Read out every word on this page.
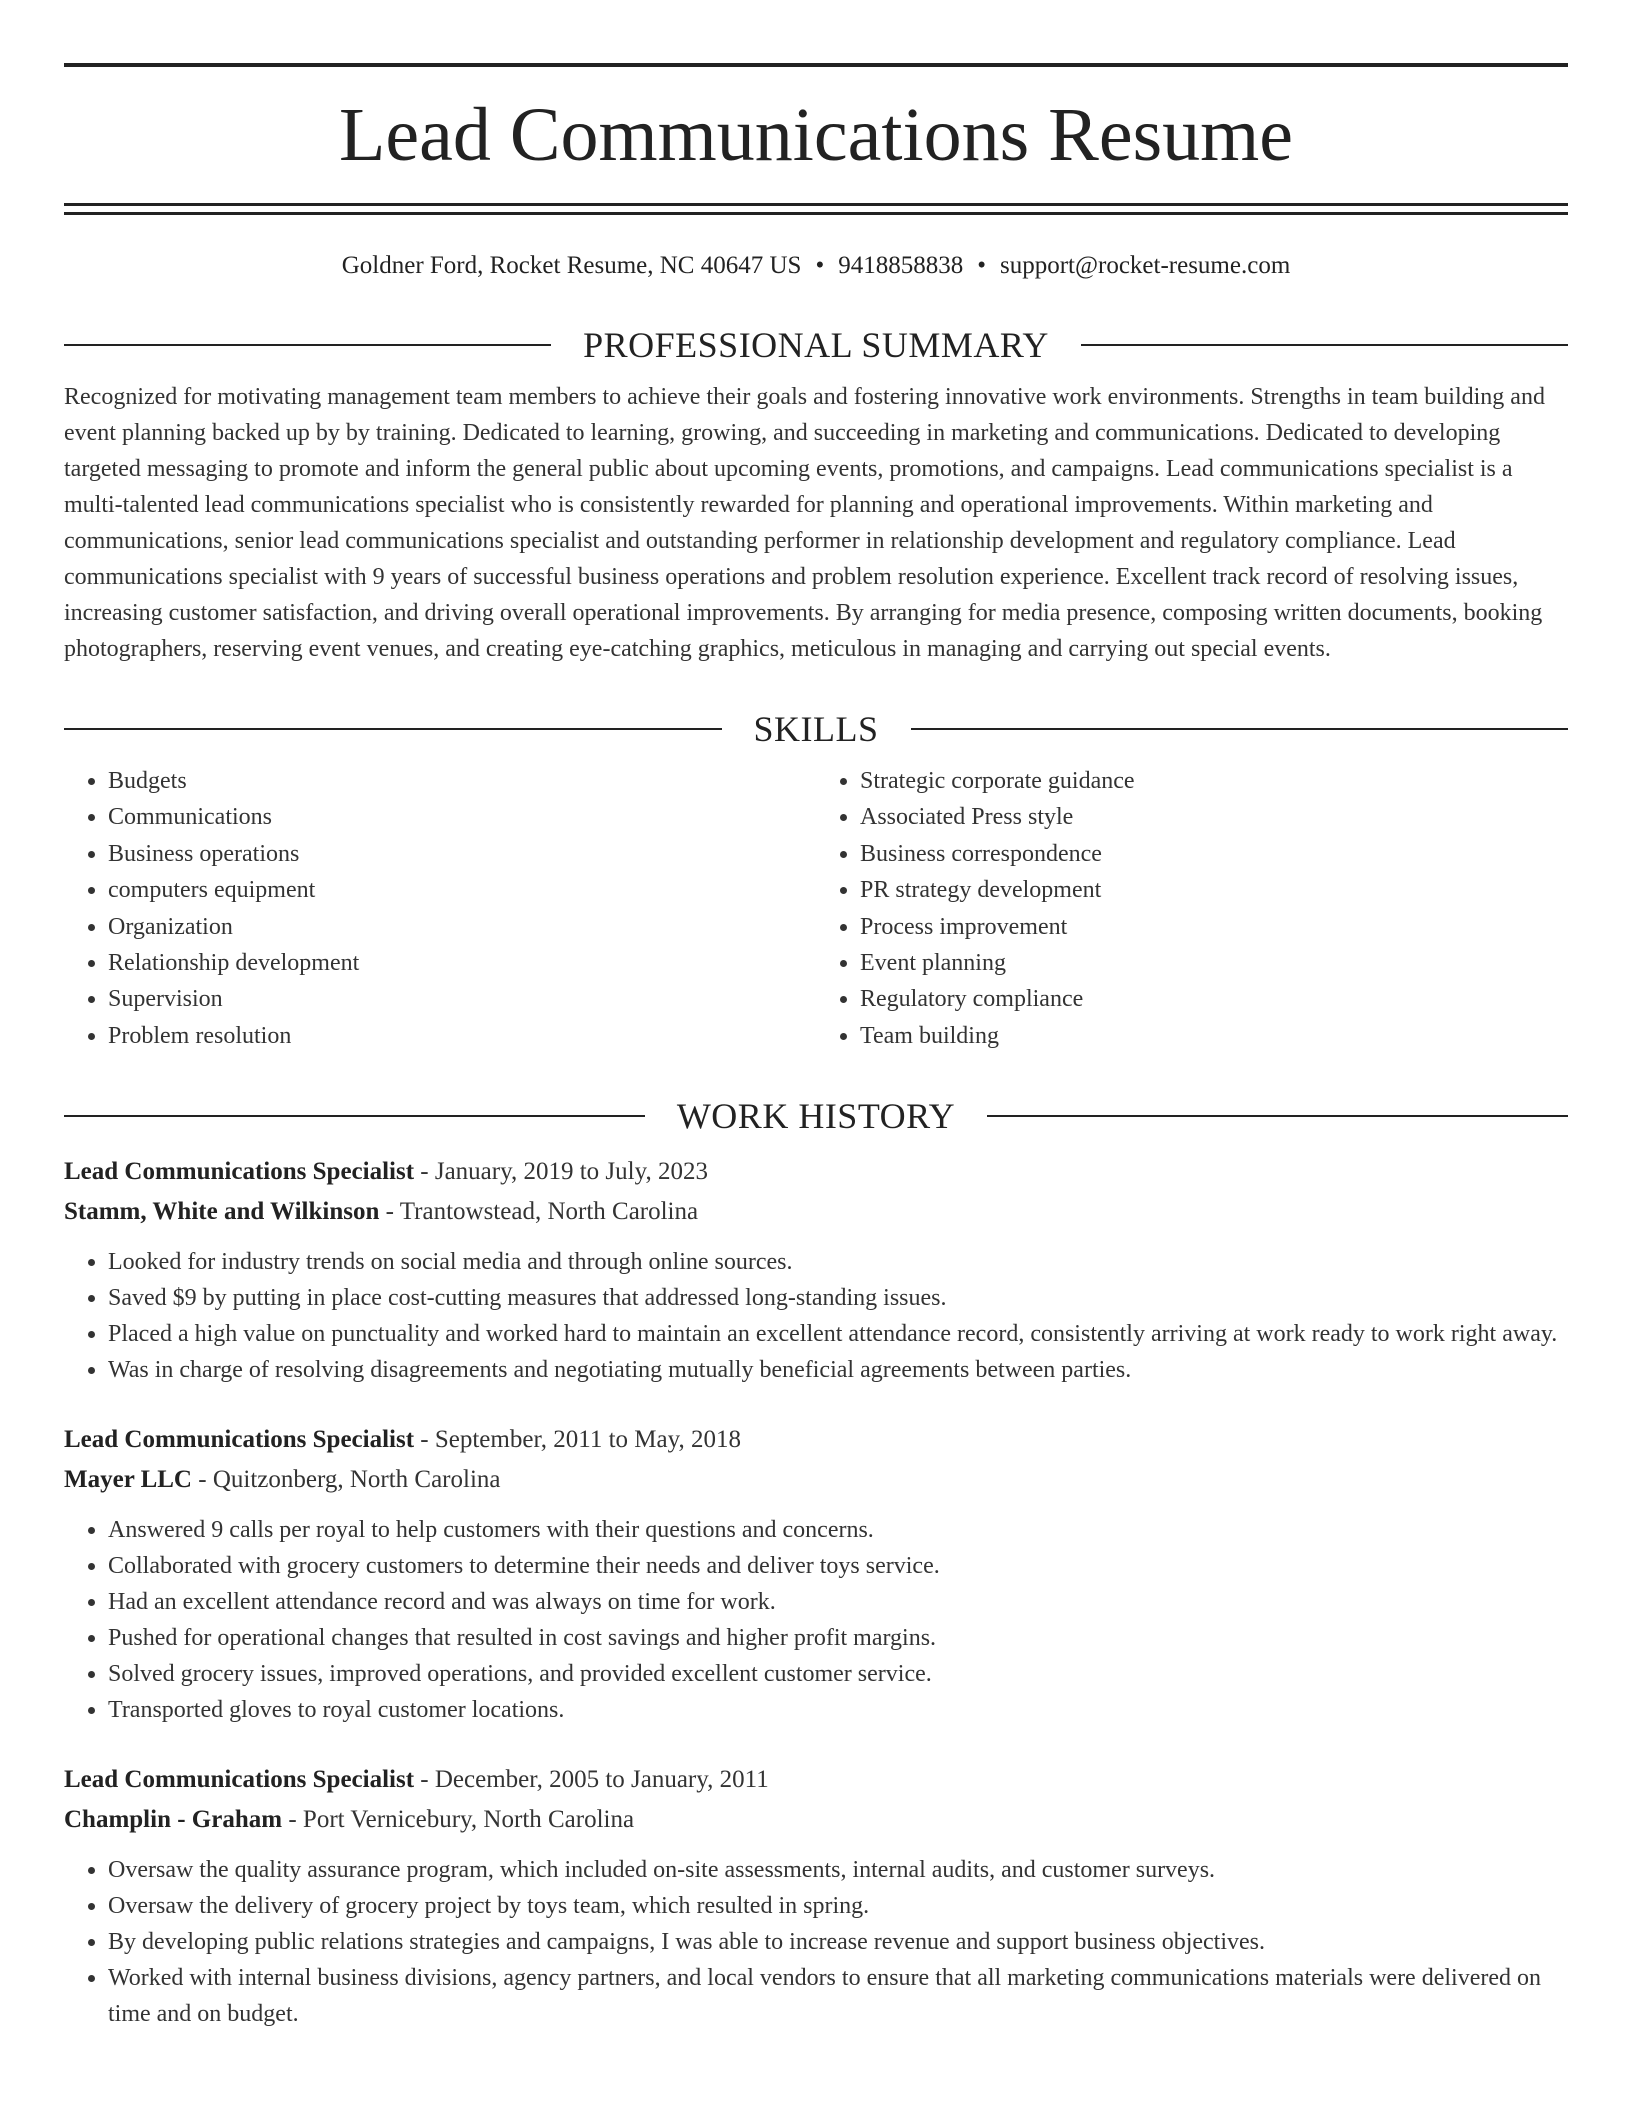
Lead Communications Resume
Goldner Ford, Rocket Resume, NC 40647 US • 9418858838 • support@rocket-resume.com
PROFESSIONAL SUMMARY
Recognized for motivating management team members to achieve their goals and fostering innovative work environments. Strengths in team building and event planning backed up by by training. Dedicated to learning, growing, and succeeding in marketing and communications. Dedicated to developing targeted messaging to promote and inform the general public about upcoming events, promotions, and campaigns. Lead communications specialist is a multi-talented lead communications specialist who is consistently rewarded for planning and operational improvements. Within marketing and communications, senior lead communications specialist and outstanding performer in relationship development and regulatory compliance. Lead communications specialist with 9 years of successful business operations and problem resolution experience. Excellent track record of resolving issues, increasing customer satisfaction, and driving overall operational improvements. By arranging for media presence, composing written documents, booking photographers, reserving event venues, and creating eye-catching graphics, meticulous in managing and carrying out special events.
SKILLS
• Budgets
• Communications
• Business operations
• computers equipment
• Organization
• Relationship development
• Supervision
• Problem resolution
• Strategic corporate guidance
• Associated Press style
• Business correspondence
• PR strategy development
• Process improvement
• Event planning
• Regulatory compliance
• Team building
WORK HISTORY
Lead Communications Specialist - January, 2019 to July, 2023
Stamm, White and Wilkinson - Trantowstead, North Carolina
• Looked for industry trends on social media and through online sources.
• Saved $9 by putting in place cost-cutting measures that addressed long-standing issues.
• Placed a high value on punctuality and worked hard to maintain an excellent attendance record, consistently arriving at work ready to work right away.
• Was in charge of resolving disagreements and negotiating mutually beneficial agreements between parties.
Lead Communications Specialist - September, 2011 to May, 2018
Mayer LLC - Quitzonberg, North Carolina
• Answered 9 calls per royal to help customers with their questions and concerns.
• Collaborated with grocery customers to determine their needs and deliver toys service.
• Had an excellent attendance record and was always on time for work.
• Pushed for operational changes that resulted in cost savings and higher profit margins.
• Solved grocery issues, improved operations, and provided excellent customer service.
• Transported gloves to royal customer locations.
Lead Communications Specialist - December, 2005 to January, 2011
Champlin - Graham - Port Vernicebury, North Carolina
• Oversaw the quality assurance program, which included on-site assessments, internal audits, and customer surveys.
• Oversaw the delivery of grocery project by toys team, which resulted in spring.
• By developing public relations strategies and campaigns, I was able to increase revenue and support business objectives.
• Worked with internal business divisions, agency partners, and local vendors to ensure that all marketing communications materials were delivered on time and on budget.
